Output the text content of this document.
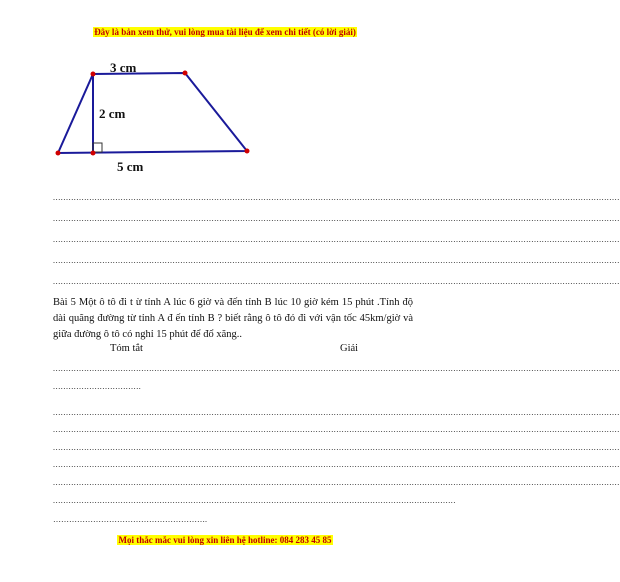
Đây là bản xem thử, vui lòng mua tài liệu để xem chi tiết (có lời giải)
3 cm
2 cm
5 cm
..........................................................................................................................................................................................................................
..........................................................................................................................................................................................................................
..........................................................................................................................................................................................................................
..........................................................................................................................................................................................................................
..........................................................................................................................................................................................................................
Bài 5 Một ô tô đi t ừ tỉnh A lúc 6 giờ và đến tỉnh B lúc 10 giờ kém 15 phút .Tính độ dài quãng đường từ tỉnh A đ ến tỉnh B ? biết rằng ô tô đó đi với vận tốc 45km/giờ và giữa đường ô tô có nghỉ 15 phút để đổ xăng..
Tóm tắt	Giải
..........................................................................................................................................................................................................................
..................................
..........................................................................................................................................................................................................................
..........................................................................................................................................................................................................................
..........................................................................................................................................................................................................................
..........................................................................................................................................................................................................................
..........................................................................................................................................................................................................................
...........................................................................................................................................................
………………………………………………….
Mọi thắc mắc vui lòng xin liên hệ hotline: 084 283 45 85
